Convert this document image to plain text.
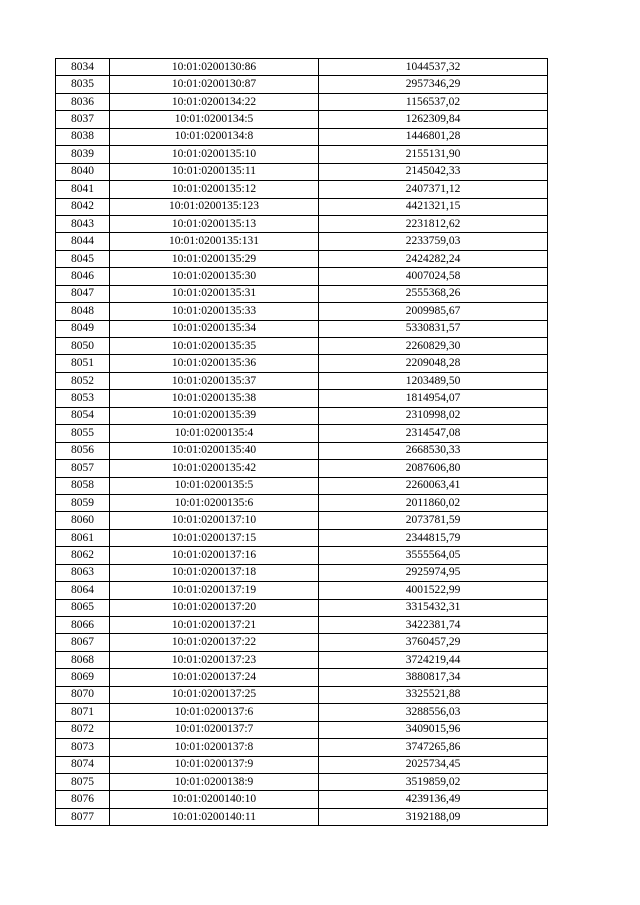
8034	10:01:0200130:86	1044537,32
8035	10:01:0200130:87	2957346,29
8036	10:01:0200134:22	1156537,02
8037	10:01:0200134:5	1262309,84
8038	10:01:0200134:8	1446801,28
8039	10:01:0200135:10	2155131,90
8040	10:01:0200135:11	2145042,33
8041	10:01:0200135:12	2407371,12
8042	10:01:0200135:123	4421321,15
8043	10:01:0200135:13	2231812,62
8044	10:01:0200135:131	2233759,03
8045	10:01:0200135:29	2424282,24
8046	10:01:0200135:30	4007024,58
8047	10:01:0200135:31	2555368,26
8048	10:01:0200135:33	2009985,67
8049	10:01:0200135:34	5330831,57
8050	10:01:0200135:35	2260829,30
8051	10:01:0200135:36	2209048,28
8052	10:01:0200135:37	1203489,50
8053	10:01:0200135:38	1814954,07
8054	10:01:0200135:39	2310998,02
8055	10:01:0200135:4	2314547,08
8056	10:01:0200135:40	2668530,33
8057	10:01:0200135:42	2087606,80
8058	10:01:0200135:5	2260063,41
8059	10:01:0200135:6	2011860,02
8060	10:01:0200137:10	2073781,59
8061	10:01:0200137:15	2344815,79
8062	10:01:0200137:16	3555564,05
8063	10:01:0200137:18	2925974,95
8064	10:01:0200137:19	4001522,99
8065	10:01:0200137:20	3315432,31
8066	10:01:0200137:21	3422381,74
8067	10:01:0200137:22	3760457,29
8068	10:01:0200137:23	3724219,44
8069	10:01:0200137:24	3880817,34
8070	10:01:0200137:25	3325521,88
8071	10:01:0200137:6	3288556,03
8072	10:01:0200137:7	3409015,96
8073	10:01:0200137:8	3747265,86
8074	10:01:0200137:9	2025734,45
8075	10:01:0200138:9	3519859,02
8076	10:01:0200140:10	4239136,49
8077	10:01:0200140:11	3192188,09
